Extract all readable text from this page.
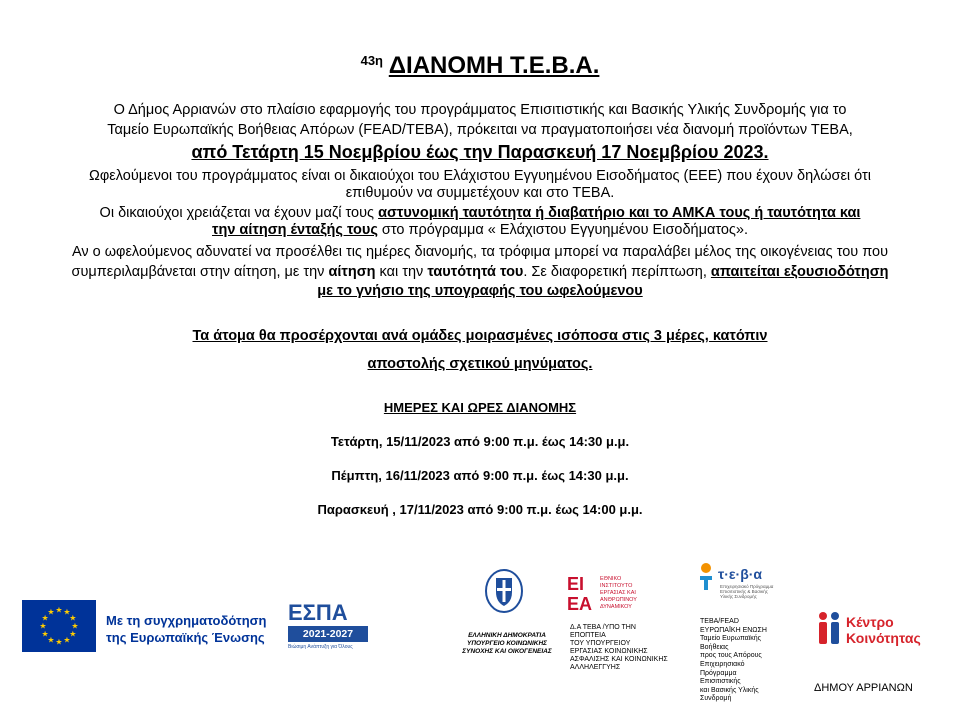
$^{43\eta}$ ΔΙΑΝΟΜΗ Τ.Ε.Β.Α.
Ο Δήμος Αρριανών στο πλαίσιο εφαρμογής του προγράμματος Επισιτιστικής και Βασικής Υλικής Συνδρομής για το
Ταμείο Ευρωπαϊκής Βοήθειας Απόρων (FEAD/ΤΕΒΑ), πρόκειται να πραγματοποιήσει νέα διανομή προϊόντων ΤΕΒΑ,
από Τετάρτη 15 Νοεμβρίου έως την Παρασκευή 17 Νοεμβρίου 2023.
Ωφελούμενοι του προγράμματος είναι οι δικαιούχοι του Ελάχιστου Εγγυημένου Εισοδήματος (ΕΕΕ) που έχουν δηλώσει ότι
επιθυμούν να συμμετέχουν και στο ΤΕΒΑ.
Οι δικαιούχοι χρειάζεται να έχουν μαζί τους αστυνομική ταυτότητα ή διαβατήριο και το ΑΜΚΑ τους ή ταυτότητα και
την αίτηση ένταξής τους στο πρόγραμμα « Ελάχιστου Εγγυημένου Εισοδήματος».
Αν ο ωφελούμενος αδυνατεί να προσέλθει τις ημέρες διανομής, τα τρόφιμα μπορεί να παραλάβει μέλος της οικογένειας του που
συμπεριλαμβάνεται στην αίτηση, με την αίτηση και την ταυτότητά του. Σε διαφορετική περίπτωση, απαιτείται εξουσιοδότηση
με το γνήσιο της υπογραφής του ωφελούμενου
Τα άτομα θα προσέρχονται ανά ομάδες μοιρασμένες ισόποσα στις 3 μέρες, κατόπιν
αποστολής σχετικού μηνύματος.
ΗΜΕΡΕΣ ΚΑΙ ΩΡΕΣ ΔΙΑΝΟΜΗΣ
Τετάρτη, 15/11/2023 από 9:00 π.μ. έως 14:30 μ.μ.
Πέμπτη, 16/11/2023 από 9:00 π.μ. έως 14:30 μ.μ.
Παρασκευή , 17/11/2023 από 9:00 π.μ. έως 14:00 μ.μ.
★ ★
★
★
★
★
★
★
★
★
★
★
Με τη συγχρηματοδότηση
της Ευρωπαϊκής Ένωσης
ΕΣΠΑ
2021-2027
Βιώσιμη Ανάπτυξη για Όλους
ΕΛΛΗΝΙΚΗ ΔΗΜΟΚΡΑΤΙΑ
ΥΠΟΥΡΓΕΙΟ ΚΟΙΝΩΝΙΚΗΣ
ΣΥΝΟΧΗΣ ΚΑΙ ΟΙΚΟΓΕΝΕΙΑΣ
ΕΙ
ΕΑ
ΕΘΝΙΚΟ
ΙΝΣΤΙΤΟΥΤΟ
ΕΡΓΑΣΙΑΣ ΚΑΙ
ΑΝΘΡΩΠΙΝΟΥ
ΔΥΝΑΜΙΚΟΥ
Δ.Α ΤΕΒΑ /ΥΠΟ ΤΗΝ
ΕΠΟΠΤΕΙΑ
ΤΟΥ ΥΠΟΥΡΓΕΙΟΥ
ΕΡΓΑΣΙΑΣ ΚΟΙΝΩΝΙΚΗΣ
ΑΣΦΑΛΙΣΗΣ ΚΑΙ ΚΟΙΝΩΝΙΚΗΣ
ΑΛΛΗΛΕΓΓΥΗΣ
τ·ε·β·α
Επιχειρησιακό Πρόγραμμα
Επισιτιστικής & Βασικής
Υλικής Συνδρομής
ΤΕΒΑ/FEAD
ΕΥΡΩΠΑΪΚΗ ΕΝΩΣΗ
Ταμείο Ευρωπαϊκής
Βοήθειας
προς τους Απόρους
Επιχειρησιακό
Πρόγραμμα
Επισιτιστικής
και Βασικής Υλικής
Συνδρομή
Κέντρο
Κοινότητας
ΔΗΜΟΥ ΑΡΡΙΑΝΩΝ
